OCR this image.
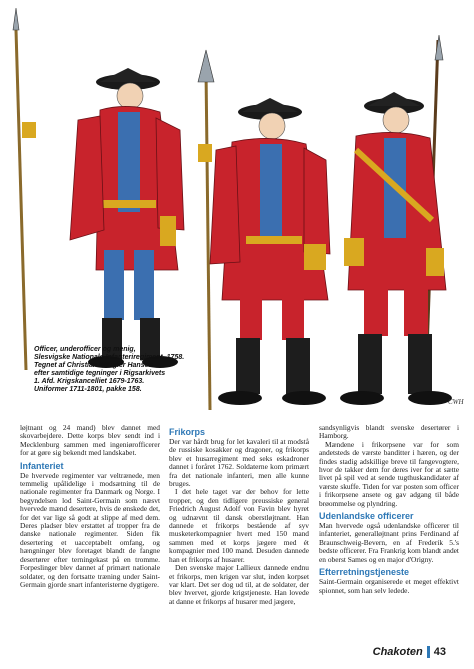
CWH
Officer, underofficer og menig,
Slesvigske Nationale Infanteriregiment, 1758.
Tegnet af Christian Würgler Hansen
efter samtidige tegninger i Rigsarkivets
1. Afd. Krigskancelliet 1679-1763.
Uniformer 1711-1801, pakke 158.

løjtnant og 24 mand) blev dannet med skovarbejdere. Dette korps blev sendt ind i Mecklenburg sammen med ingeniørofficerer for at gøre sig bekendt med landskabet.

Infanteriet

De hvervede regimenter var veltrænede, men temmelig upålidelige i modsætning til de nationale regimenter fra Danmark og Norge. I begyndelsen lod Saint-Germain som næsvt hvervede mænd desertere, hvis de ønskede det, for det var lige så godt at slippe af med dem. Deres pladser blev erstattet af tropper fra de danske nationale regimenter. Siden fik desertering et uacceptabelt omfang, og hængninger blev foretaget blandt de fangne desertører efter terningekast på en tromme. Forpeslinger blev dannet af primært nationale soldater, og den fortsatte træning under Saint-Germain gjorde snart infanteristerne dygtigere.

Frikorps

Der var hårdt brug for let kavaleri til at modstå de russiske kosakker og dragoner, og frikorps blev et husarregiment med seks eskadroner dannet i foråret 1762. Soldaterne kom primært fra det nationale infanteri, men alle kunne bruges.

I det hele taget var der behov for lette tropper, og den tidligere preussiske general Friedrich August Adolf von Favin blev hyret og udnævnt til dansk oberstløjtnant. Han dannede et frikorps bestående af syv musketerkompagnier hvert med 150 mand sammen med et korps jægere med ét kompagnier med 100 mand. Desuden dannede han et frikorps af husarer.

Den svenske major Lallieux dannede endnu et frikorps, men krigen var slut, inden korpset var klart. Det ser dog ud til, at de soldater, der blev hvervet, gjorde krigstjeneste. Han lovede at danne et frikorps af husarer med jægere,

sandsynligvis blandt svenske desertører i Hamborg.

Mændene i frikorpsene var for som andetsteds de værste banditter i hæren, og der findes stadig adskillige breve til fangevogtere, hvor de takker dem for deres iver for at sætte livet på spil ved at sende tugthuskandidater af værste skuffe. Tiden for var posten som officer i frikorpsene ansete og gav adgang til både brøommelse og plyndring.

Udenlandske officerer

Man hvervede også udenlandske officerer til infanteriet, generalløjtnant prins Ferdinand af Braunschweig-Bevern, en af Frederik 5.'s bedste officerer. Fra Frankrig kom blandt andet en oberst Sames og en major d'Origny.

Efterretningstjeneste

Saint-Germain organiserede et meget effektivt spionnet, som han selv ledede.

Chakoten 43
